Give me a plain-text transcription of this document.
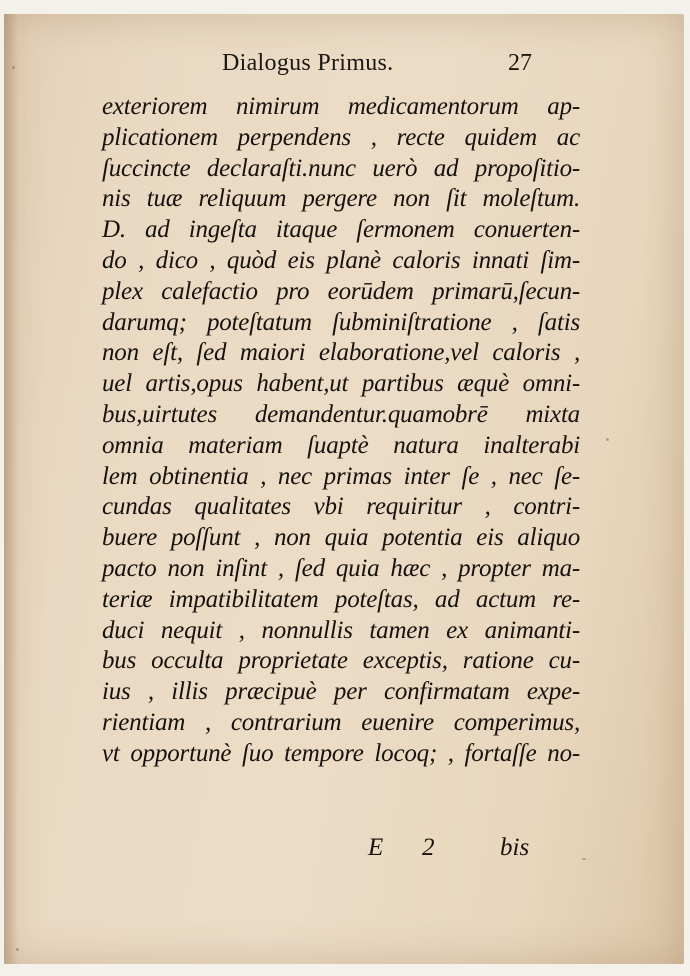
Dialogus Primus.	27
exteriorem nimirum medicamentorum ap-
plicationem perpendens , recte quidem ac
ſuccincte declaraſti.nunc uerò ad propoſitio-
nis tuæ reliquum pergere non ſit moleſtum.
D. ad ingeſta itaque ſermonem conuerten-
do , dico , quòd eis planè caloris innati ſim-
plex calefactio pro eorūdem primarū,ſecun-
darumq; poteſtatum ſubminiſtratione , ſatis
non eſt, ſed maiori elaboratione,vel caloris ,
uel artis,opus habent,ut partibus æquè omni-
bus,uirtutes demandentur.quamobrē mixta
omnia materiam ſuaptè natura inalterabi
lem obtinentia , nec primas inter ſe , nec ſe-
cundas qualitates vbi requiritur , contri-
buere poſſunt , non quia potentia eis aliquo
pacto non inſint , ſed quia hæc , propter ma-
teriæ impatibilitatem poteſtas, ad actum re-
duci nequit , nonnullis tamen ex animanti-
bus occulta proprietate exceptis, ratione cu-
ius , illis præcipuè per confirmatam expe-
rientiam , contrarium euenire comperimus,
vt opportunè ſuo tempore locoq; , fortaſſe no-
E 2	bis
